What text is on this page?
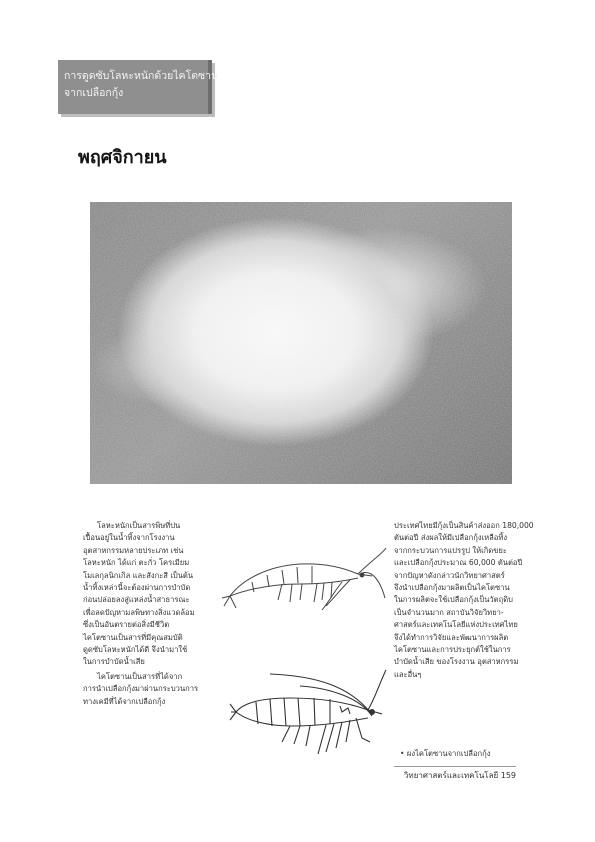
การดูดซับโลหะหนักด้วยไคโตซาน
จากเปลือกกุ้ง
พฤศจิกายน

โลหะหนักเป็นสารพิษที่ปน

เปื้อนอยู่ในน้ำทิ้งจากโรงงาน

อุตสาหกรรมหลายประเภท เช่น

โลหะหนัก ได้แก่ ตะกั่ว โครเมียม

โมเลกุลนิกเกิล และสังกะสี เป็นต้น

น้ำทิ้งเหล่านี้จะต้องผ่านการบำบัด

ก่อนปล่อยลงสู่แหล่งน้ำสาธารณะ

เพื่อลดปัญหามลพิษทางสิ่งแวดล้อม

ซึ่งเป็นอันตรายต่อสิ่งมีชีวิต

ไคโตซานเป็นสารที่มีคุณสมบัติ

ดูดซับโลหะหนักได้ดี จึงนำมาใช้

ในการบำบัดน้ำเสีย

ไคโตซานเป็นสารที่ได้จาก

การนำเปลือกกุ้งมาผ่านกระบวนการ

ทางเคมีที่ได้จากเปลือกกุ้ง

ประเทศไทยมีกุ้งเป็นสินค้าส่งออก 180,000

ตันต่อปี ส่งผลให้มีเปลือกกุ้งเหลือทิ้ง

จากกระบวนการแปรรูป ให้เกิดขยะ

และเปลือกกุ้งประมาณ 60,000 ตันต่อปี

จากปัญหาดังกล่าวนักวิทยาศาสตร์

จึงนำเปลือกกุ้งมาผลิตเป็นไคโตซาน

ในการผลิตจะใช้เปลือกกุ้งเป็นวัตถุดิบ

เป็นจำนวนมาก สถาบันวิจัยวิทยา-

ศาสตร์และเทคโนโลยีแห่งประเทศไทย

จึงได้ทำการวิจัยและพัฒนาการผลิต

ไคโตซานและการประยุกต์ใช้ในการ

บำบัดน้ำเสีย ของโรงงาน อุตสาหกรรม

และอื่นๆ

• ผงไคโตซานจากเปลือกกุ้ง
วิทยาศาสตร์และเทคโนโลยี 159
